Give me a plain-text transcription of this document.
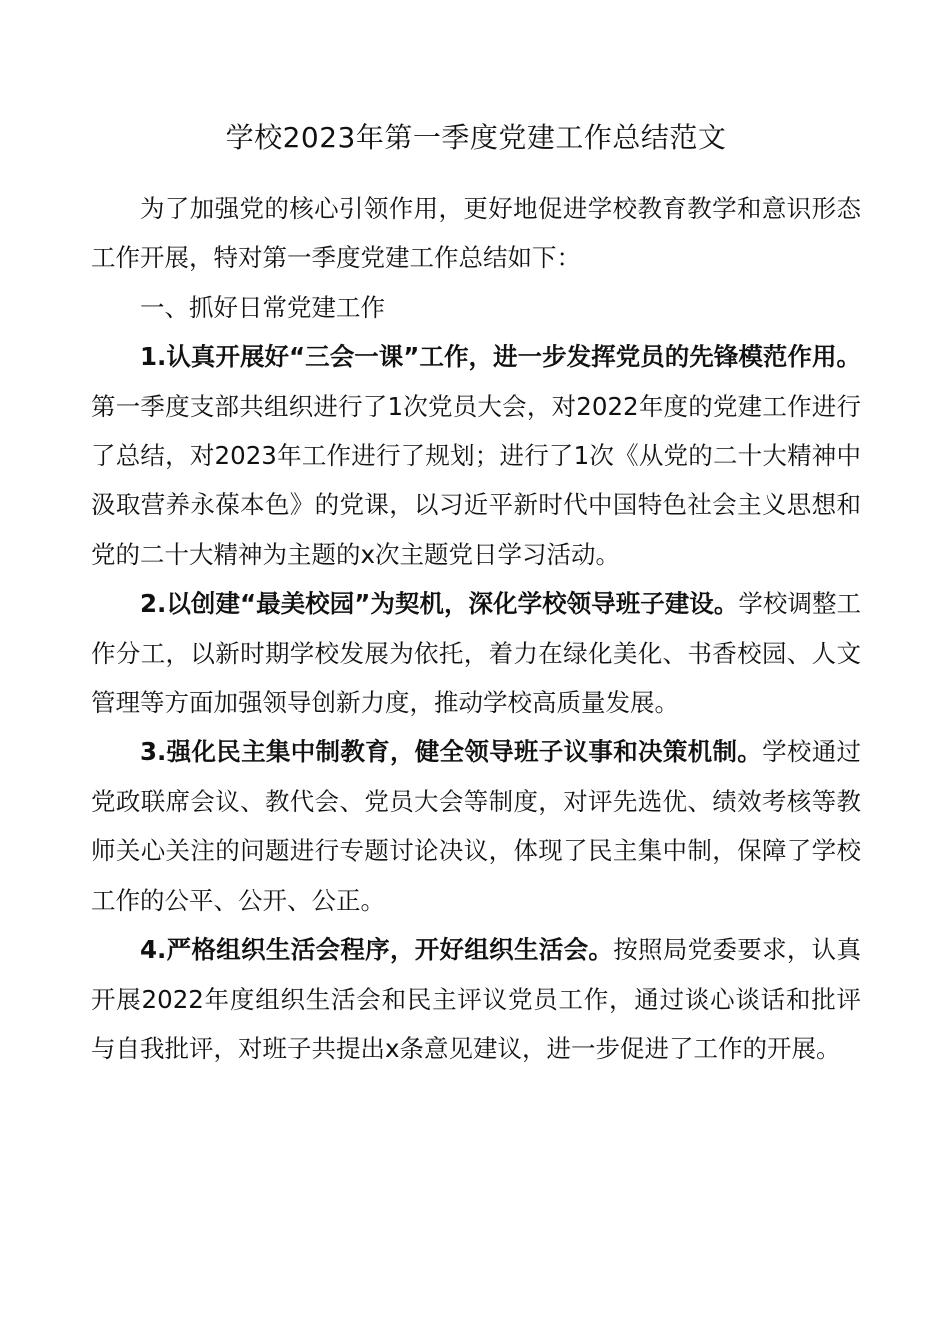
学校2023年第一季度党建工作总结范文

为了加强党的核心引领作用，更好地促进学校教育教学和意识形态工作开展，特对第一季度党建工作总结如下：

一、抓好日常党建工作

1.认真开展好“三会一课”工作，进一步发挥党员的先锋模范作用。第一季度支部共组织进行了1次党员大会，对2022年度的党建工作进行了总结，对2023年工作进行了规划；进行了1次《从党的二十大精神中汲取营养永葆本色》的党课，以习近平新时代中国特色社会主义思想和党的二十大精神为主题的x次主题党日学习活动。

2.以创建“最美校园”为契机，深化学校领导班子建设。学校调整工作分工，以新时期学校发展为依托，着力在绿化美化、书香校园、人文管理等方面加强领导创新力度，推动学校高质量发展。

3.强化民主集中制教育，健全领导班子议事和决策机制。学校通过党政联席会议、教代会、党员大会等制度，对评先选优、绩效考核等教师关心关注的问题进行专题讨论决议，体现了民主集中制，保障了学校工作的公平、公开、公正。

4.严格组织生活会程序，开好组织生活会。按照局党委要求，认真开展2022年度组织生活会和民主评议党员工作，通过谈心谈话和批评与自我批评，对班子共提出x条意见建议，进一步促进了工作的开展。
